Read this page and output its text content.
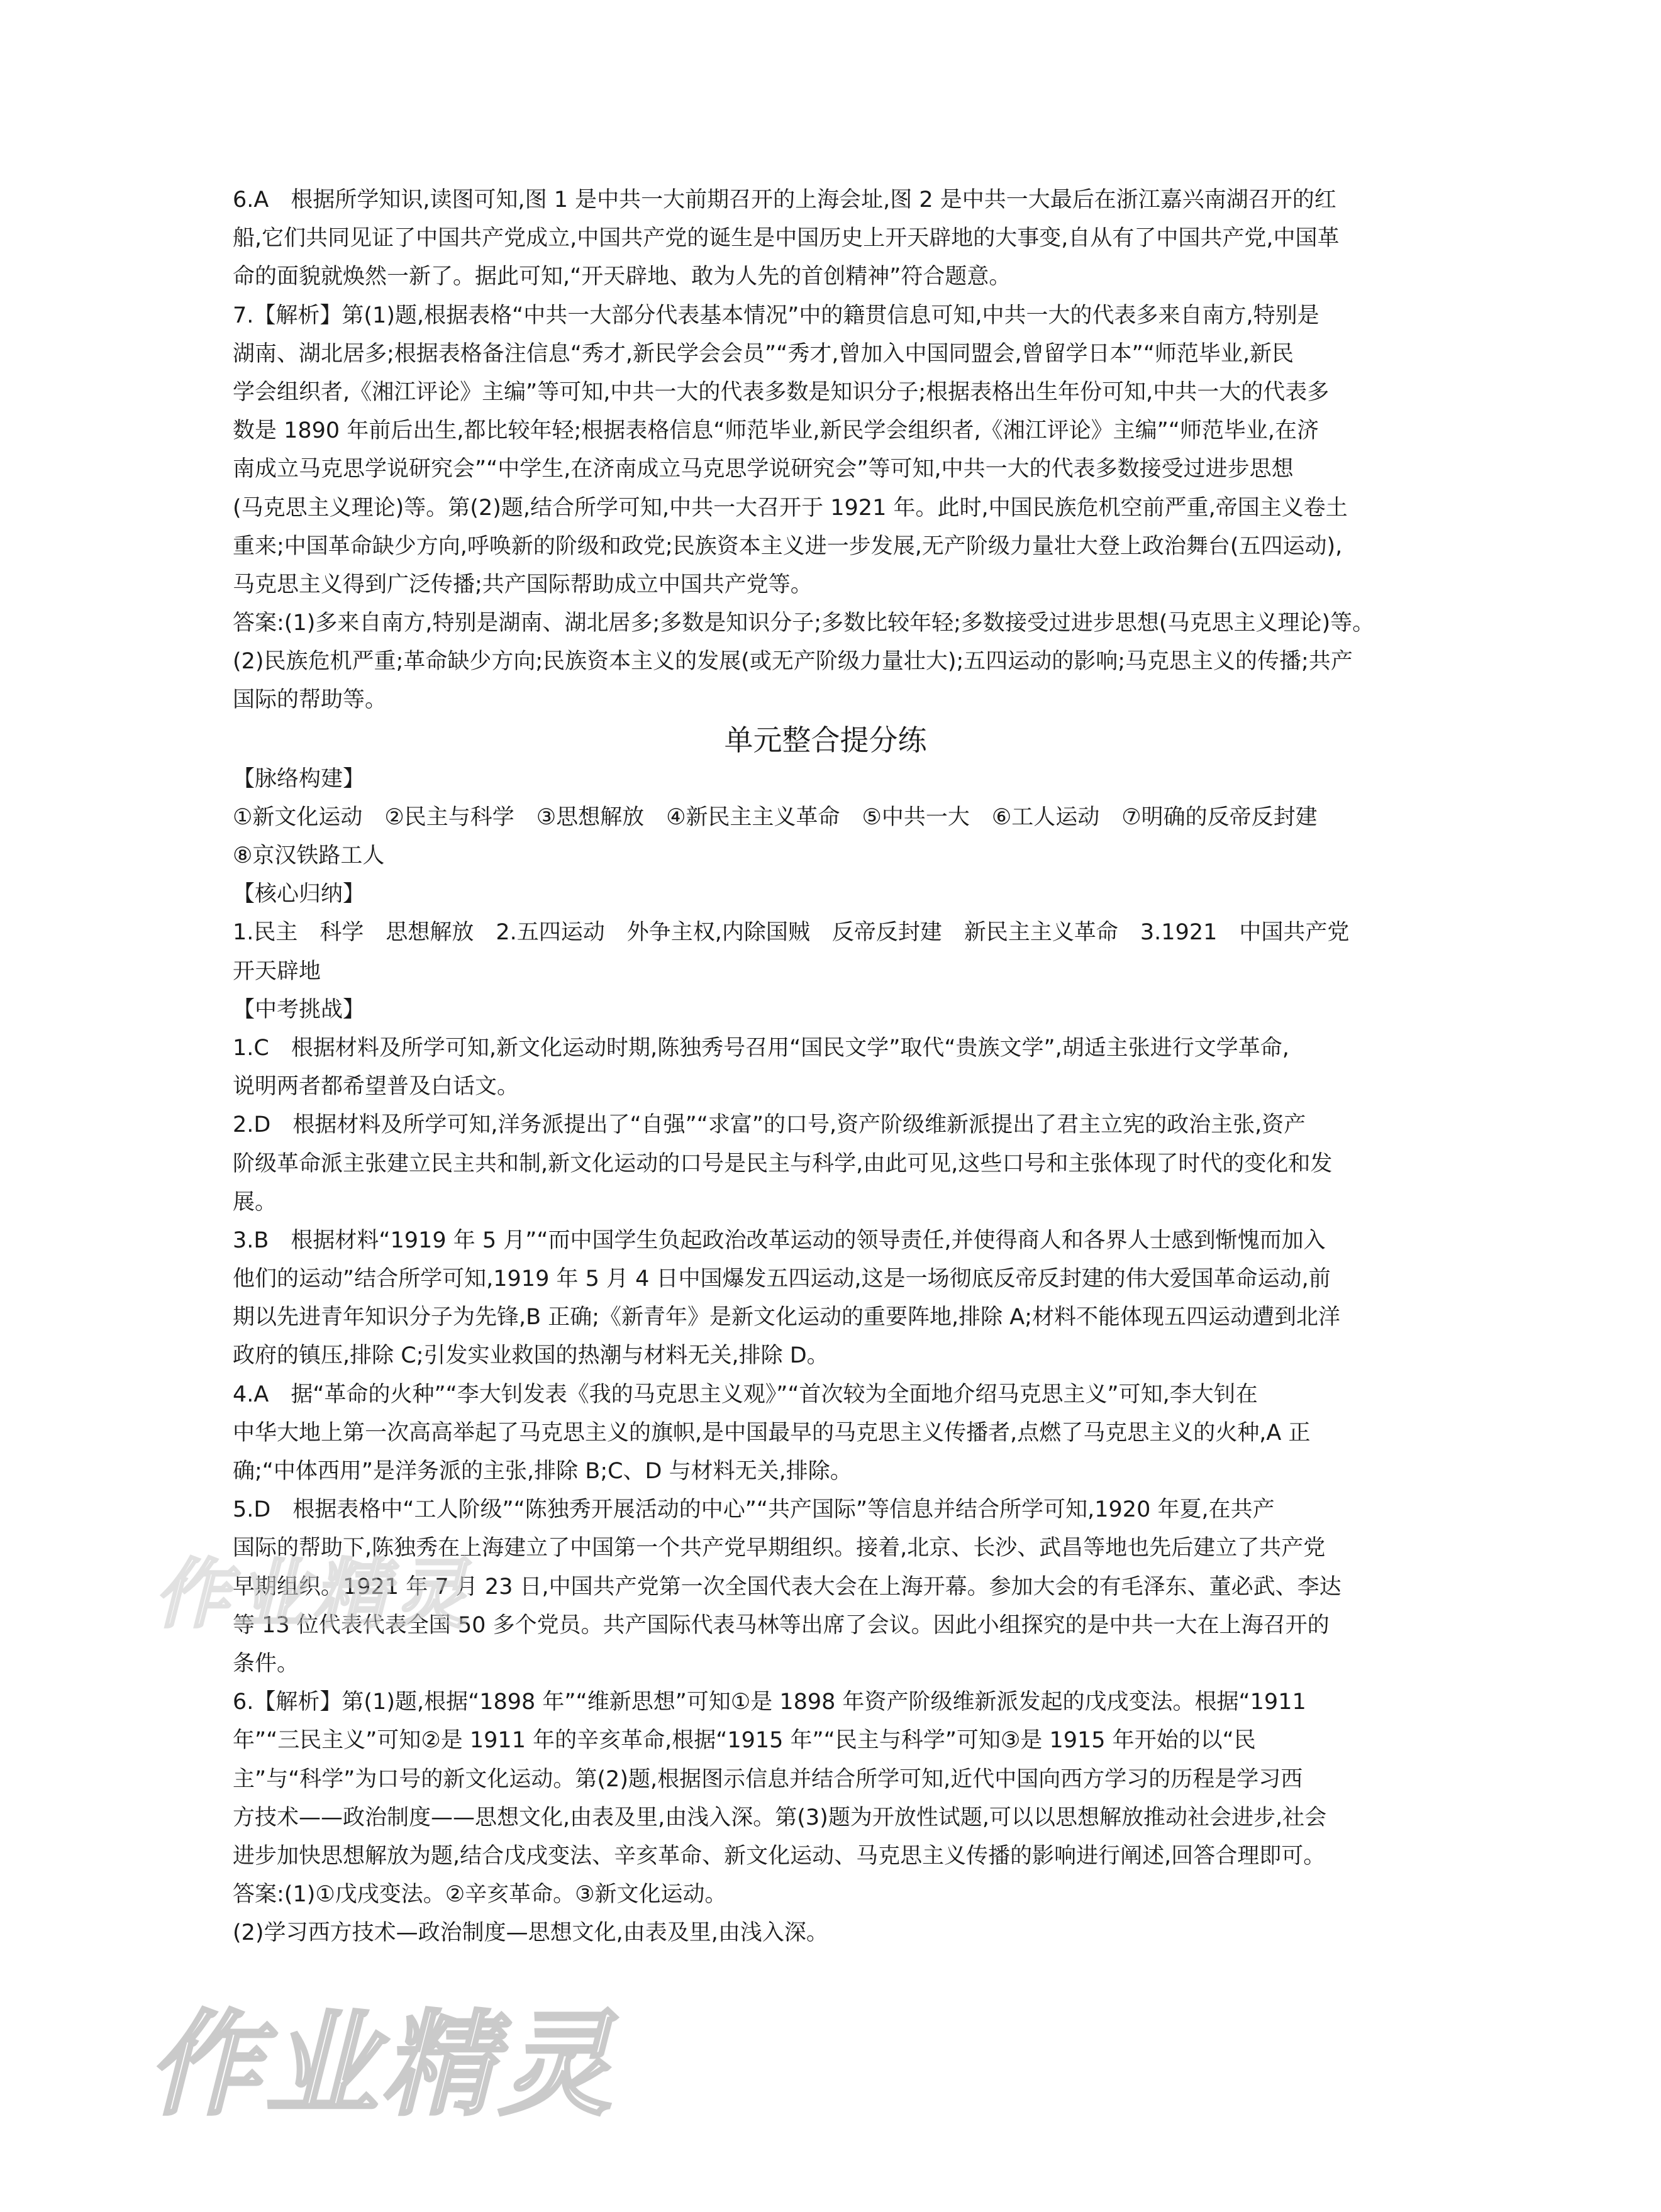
6.A　根据所学知识,读图可知,图 1 是中共一大前期召开的上海会址,图 2 是中共一大最后在浙江嘉兴南湖召开的红
船,它们共同见证了中国共产党成立,中国共产党的诞生是中国历史上开天辟地的大事变,自从有了中国共产党,中国革
命的面貌就焕然一新了。据此可知,“开天辟地、敢为人先的首创精神”符合题意。
7.【解析】第(1)题,根据表格“中共一大部分代表基本情况”中的籍贯信息可知,中共一大的代表多来自南方,特别是
湖南、湖北居多;根据表格备注信息“秀才,新民学会会员”“秀才,曾加入中国同盟会,曾留学日本”“师范毕业,新民
学会组织者,《湘江评论》主编”等可知,中共一大的代表多数是知识分子;根据表格出生年份可知,中共一大的代表多
数是 1890 年前后出生,都比较年轻;根据表格信息“师范毕业,新民学会组织者,《湘江评论》主编”“师范毕业,在济
南成立马克思学说研究会”“中学生,在济南成立马克思学说研究会”等可知,中共一大的代表多数接受过进步思想
(马克思主义理论)等。第(2)题,结合所学可知,中共一大召开于 1921 年。此时,中国民族危机空前严重,帝国主义卷土
重来;中国革命缺少方向,呼唤新的阶级和政党;民族资本主义进一步发展,无产阶级力量壮大登上政治舞台(五四运动),
马克思主义得到广泛传播;共产国际帮助成立中国共产党等。
答案:(1)多来自南方,特别是湖南、湖北居多;多数是知识分子;多数比较年轻;多数接受过进步思想(马克思主义理论)等。
(2)民族危机严重;革命缺少方向;民族资本主义的发展(或无产阶级力量壮大);五四运动的影响;马克思主义的传播;共产
国际的帮助等。
单元整合提分练
【脉络构建】
①新文化运动　②民主与科学　③思想解放　④新民主主义革命　⑤中共一大　⑥工人运动　⑦明确的反帝反封建
⑧京汉铁路工人
【核心归纳】
1.民主　科学　思想解放　2.五四运动　外争主权,内除国贼　反帝反封建　新民主主义革命　3.1921　中国共产党
开天辟地
【中考挑战】
1.C　根据材料及所学可知,新文化运动时期,陈独秀号召用“国民文学”取代“贵族文学”,胡适主张进行文学革命,
说明两者都希望普及白话文。
2.D　根据材料及所学可知,洋务派提出了“自强”“求富”的口号,资产阶级维新派提出了君主立宪的政治主张,资产
阶级革命派主张建立民主共和制,新文化运动的口号是民主与科学,由此可见,这些口号和主张体现了时代的变化和发
展。
3.B　根据材料“1919 年 5 月”“而中国学生负起政治改革运动的领导责任,并使得商人和各界人士感到惭愧而加入
他们的运动”结合所学可知,1919 年 5 月 4 日中国爆发五四运动,这是一场彻底反帝反封建的伟大爱国革命运动,前
期以先进青年知识分子为先锋,B 正确;《新青年》是新文化运动的重要阵地,排除 A;材料不能体现五四运动遭到北洋
政府的镇压,排除 C;引发实业救国的热潮与材料无关,排除 D。
4.A　据“革命的火种”“李大钊发表《我的马克思主义观》”“首次较为全面地介绍马克思主义”可知,李大钊在
中华大地上第一次高高举起了马克思主义的旗帜,是中国最早的马克思主义传播者,点燃了马克思主义的火种,A 正
确;“中体西用”是洋务派的主张,排除 B;C、D 与材料无关,排除。
5.D　根据表格中“工人阶级”“陈独秀开展活动的中心”“共产国际”等信息并结合所学可知,1920 年夏,在共产
国际的帮助下,陈独秀在上海建立了中国第一个共产党早期组织。接着,北京、长沙、武昌等地也先后建立了共产党
早期组织。1921 年 7 月 23 日,中国共产党第一次全国代表大会在上海开幕。参加大会的有毛泽东、董必武、李达
等 13 位代表代表全国 50 多个党员。共产国际代表马林等出席了会议。因此小组探究的是中共一大在上海召开的
条件。
6.【解析】第(1)题,根据“1898 年”“维新思想”可知①是 1898 年资产阶级维新派发起的戊戌变法。根据“1911
年”“三民主义”可知②是 1911 年的辛亥革命,根据“1915 年”“民主与科学”可知③是 1915 年开始的以“民
主”与“科学”为口号的新文化运动。第(2)题,根据图示信息并结合所学可知,近代中国向西方学习的历程是学习西
方技术——政治制度——思想文化,由表及里,由浅入深。第(3)题为开放性试题,可以以思想解放推动社会进步,社会
进步加快思想解放为题,结合戊戌变法、辛亥革命、新文化运动、马克思主义传播的影响进行阐述,回答合理即可。
答案:(1)①戊戌变法。②辛亥革命。③新文化运动。
(2)学习西方技术—政治制度—思想文化,由表及里,由浅入深。
作业精灵
作业精灵
